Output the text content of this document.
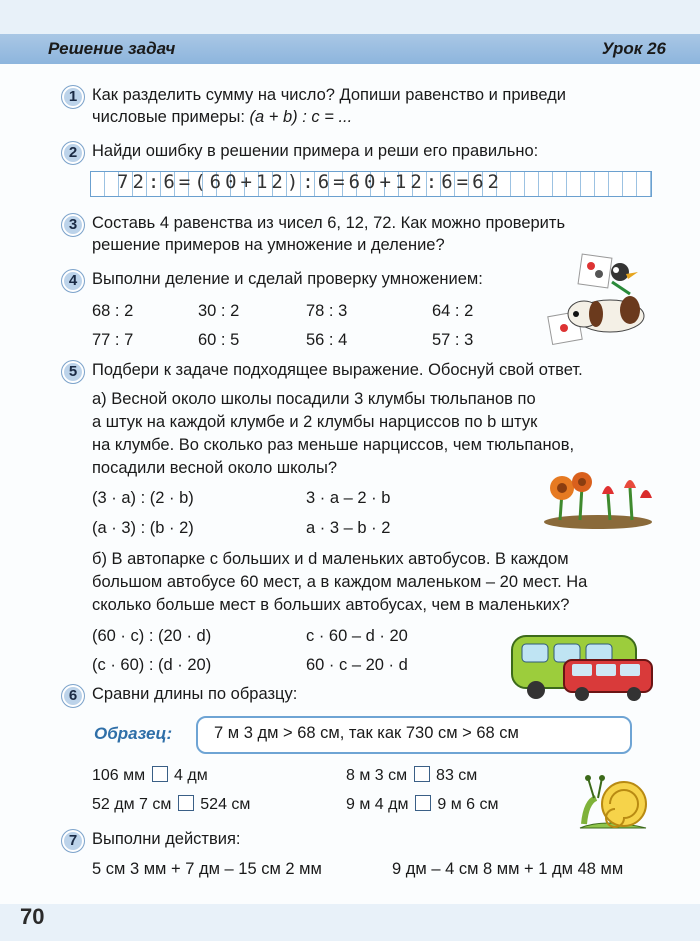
Решение задач	Урок 26
1 Как разделить сумму на число? Допиши равенство и приведи
числовые примеры: (a + b) : c = ...
2 Найди ошибку в решении примера и реши его правильно:
72:6=(60+12):6=60+12:6=62
3 Составь 4 равенства из чисел 6, 12, 72. Как можно проверить
решение примеров на умножение и деление?
4 Выполни деление и сделай проверку умножением:
68 : 2	30 : 2	78 : 3	64 : 2
77 : 7	60 : 5	56 : 4	57 : 3
5 Подбери к задаче подходящее выражение. Обоснуй свой ответ.
а) Весной около школы посадили 3 клумбы тюльпанов по
a штук на каждой клумбе и 2 клумбы нарциссов по b штук
на клумбе. Во сколько раз меньше нарциссов, чем тюльпанов,
посадили весной около школы?
(3 · a) : (2 · b)	3 · a – 2 · b
(a · 3) : (b · 2)	a · 3 – b · 2
б) В автопарке c больших и d маленьких автобусов. В каждом
большом автобусе 60 мест, а в каждом маленьком – 20 мест. На
сколько больше мест в больших автобусах, чем в маленьких?
(60 · c) : (20 · d)	c · 60 – d · 20
(c · 60) : (d · 20)	60 · c – 20 · d
6 Сравни длины по образцу:
Образец:	7 м 3 дм > 68 см, так как 730 см > 68 см
106 мм 4 дм	8 м 3 см 83 см
52 дм 7 см 524 см	9 м 4 дм 9 м 6 см
7 Выполни действия:
5 см 3 мм + 7 дм – 15 см 2 мм	9 дм – 4 см 8 мм + 1 дм 48 мм
70
